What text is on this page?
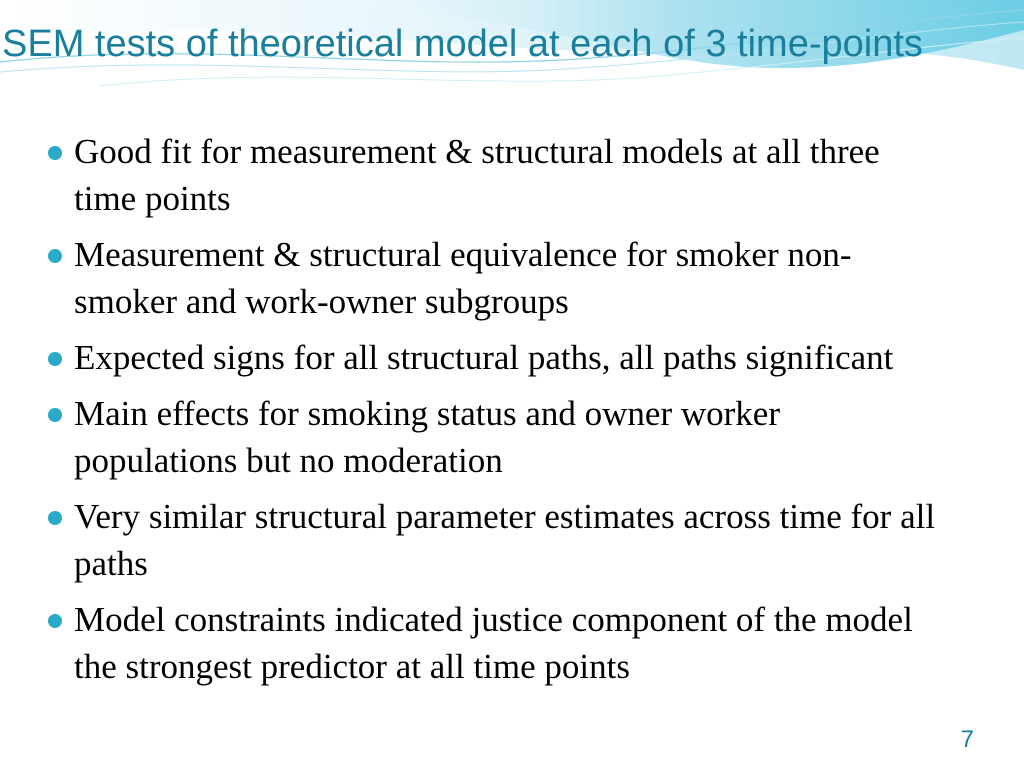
SEM tests of theoretical model at each of 3 time-points
Good fit for measurement & structural models at all three time points
Measurement & structural equivalence for smoker non-smoker and work-owner subgroups
Expected signs for all structural paths, all paths significant
Main effects for smoking status and owner worker populations but no moderation
Very similar structural parameter estimates across time for all paths
Model constraints indicated justice component of the model the strongest predictor at all time points
7
